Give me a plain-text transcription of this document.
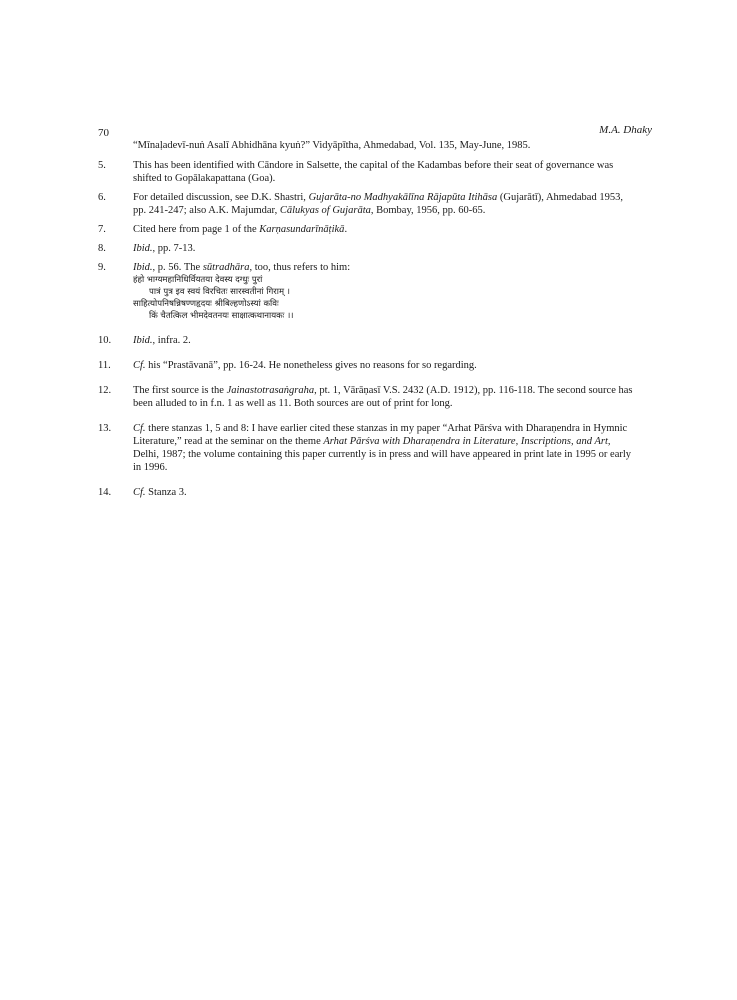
70	M.A. Dhaky
“Mīnaḷadevī-nuṅ Asalī Abhidhāna kyuṅ?” Vidyāpītha, Ahmedabad, Vol. 135, May-June, 1985.
5.	This has been identified with Cāndore in Salsette, the capital of the Kadambas before their seat of governance was shifted to Gopālakapattana (Goa).
6.	For detailed discussion, see D.K. Shastri, Gujarāta-no Madhyakālīna Rājapūta Itihāsa (Gujarātī), Ahmedabad 1953, pp. 241-247; also A.K. Majumdar, Cālukyas of Gujarāta, Bombay, 1956, pp. 60-65.
7.	Cited here from page 1 of the Karṇasundarīnāṭikā.
8.	Ibid., pp. 7-13.
9.	Ibid., p. 56. The sūtradhāra, too, thus refers to him:
हंहो भाग्यमहानिधिर्वियतया देवस्य दग्धुः पुरां
पात्रं पुत्र इव स्वयं विरचितः सारस्वतीनां गिराम् ।
साहित्योपनिषन्निषण्णहृदयः श्रीबिल्हणोऽस्यां कविः
किं चैतत्किल भीमदेवतनयः साक्षात्कथानायकः ।।
10.	Ibid., infra. 2.
11.	Cf. his “Prastāvanā”, pp. 16-24. He nonetheless gives no reasons for so regarding.
12.	The first source is the Jainastotrasaṅgraha, pt. 1, Vārāṇasī V.S. 2432 (A.D. 1912), pp. 116-118. The second source has been alluded to in f.n. 1 as well as 11. Both sources are out of print for long.
13.	Cf. there stanzas 1, 5 and 8: I have earlier cited these stanzas in my paper “Arhat Pārśva with Dharaṇendra in Hymnic Literature,” read at the seminar on the theme Arhat Pārśva with Dharaṇendra in Literature, Inscriptions, and Art, Delhi, 1987; the volume containing this paper currently is in press and will have appeared in print late in 1995 or early in 1996.
14.	Cf. Stanza 3.
